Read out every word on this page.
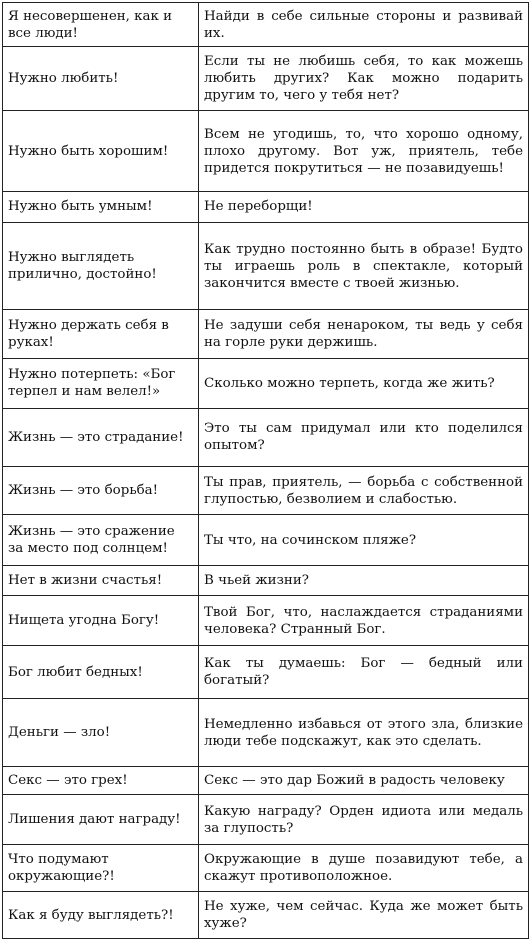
Я несовершенен, как и все люди!	Найди в себе сильные стороны и развивай их.
Нужно любить!	Если ты не любишь себя, то как можешь любить других? Как можно подарить другим то, чего у тебя нет?
Нужно быть хорошим!	Всем не угодишь, то, что хорошо одному, плохо другому. Вот уж, приятель, тебе придется покрутиться — не позавидуешь!
Нужно быть умным!	Не переборщи!
Нужно выглядеть прилично, достойно!	Как трудно постоянно быть в образе! Будто ты играешь роль в спектакле, который закончится вместе с твоей жизнью.
Нужно держать себя в руках!	Не задуши себя ненароком, ты ведь у себя на горле руки держишь.
Нужно потерпеть: «Бог терпел и нам велел!»	Сколько можно терпеть, когда же жить?
Жизнь — это страдание!	Это ты сам придумал или кто поделился опытом?
Жизнь — это борьба!	Ты прав, приятель, — борьба с собственной глупостью, безволием и слабостью.
Жизнь — это сражение за место под солнцем!	Ты что, на сочинском пляже?
Нет в жизни счастья!	В чьей жизни?
Нищета угодна Богу!	Твой Бог, что, наслаждается страданиями человека? Странный Бог.
Бог любит бедных!	Как ты думаешь: Бог — бедный или богатый?
Деньги — зло!	Немедленно избавься от этого зла, близкие люди тебе подскажут, как это сделать.
Секс — это грех!	Секс — это дар Божий в радость человеку
Лишения дают награду!	Какую награду? Орден идиота или медаль за глупость?
Что подумают окружающие?!	Окружающие в душе позавидуют тебе, а скажут противоположное.
Как я буду выглядеть?!	Не хуже, чем сейчас. Куда же может быть хуже?
